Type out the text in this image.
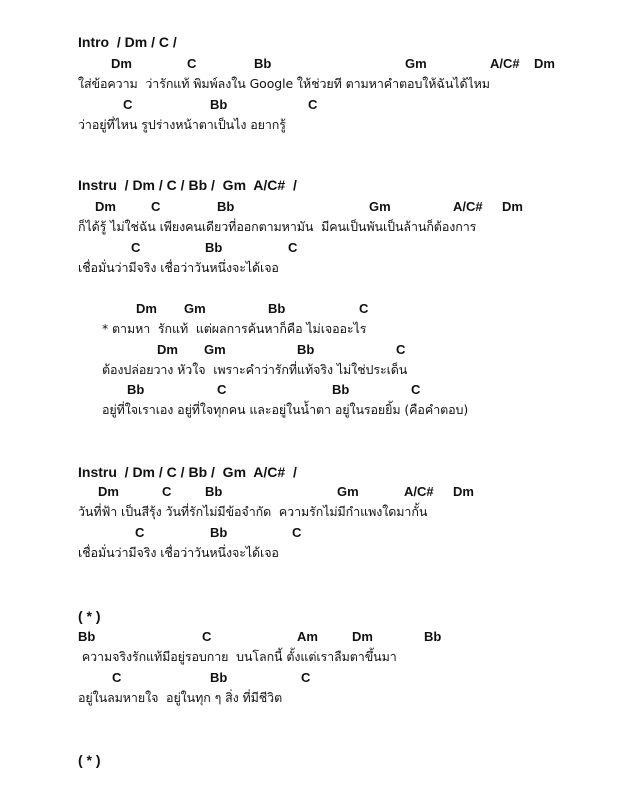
Intro  / Dm / C /

Dm

	C

	Bb

	Gm

	A/C#

Dm

ใส่ข้อความ  ว่ารักแท้ พิมพ์ลงใน Google ให้ช่วยที ตามหาคำตอบให้ฉันได้ไหม

C

	Bb

	C

ว่าอยู่ที่ไหน รูปร่างหน้าตาเป็นไง อยากรู้

Instru  / Dm / C / Bb /  Gm  A/C#  /

Dm

	C

	Bb

	Gm

	A/C#

Dm

ก็ได้รู้ ไม่ใช่ฉัน เพียงคนเดียวที่ออกตามหามัน  มีคนเป็นพันเป็นล้านก็ต้องการ

C

	Bb

	C

เชื่อมั่นว่ามีจริง เชื่อว่าวันหนึ่งจะได้เจอ

Dm

Gm

	Bb

	C

* ตามหา  รักแท้  แต่ผลการค้นหาก็คือ ไม่เจออะไร

Dm

Gm

	Bb

	C

ต้องปล่อยวาง หัวใจ  เพราะคำว่ารักที่แท้จริง ไม่ใช่ประเด็น

Bb

	C

	Bb

	C

อยู่ที่ใจเราเอง อยู่ที่ใจทุกคน และอยู่ในน้ำตา อยู่ในรอยยิ้ม (คือคำตอบ)

Instru  / Dm / C / Bb /  Gm  A/C#  /

Dm

	C

	Bb

	Gm

	A/C#

Dm

วันที่ฟ้า เป็นสีรุ้ง วันที่รักไม่มีข้อจำกัด  ความรักไม่มีกำแพงใดมากั้น

C

	Bb

	C

เชื่อมั่นว่ามีจริง เชื่อว่าวันหนึ่งจะได้เจอ

( * )

Bb

	C

	Am

	Dm

	Bb

ความจริงรักแท้มีอยู่รอบกาย  บนโลกนี้ ตั้งแต่เราลืมตาขึ้นมา

C

	Bb

	C

อยู่ในลมหายใจ  อยู่ในทุก ๆ สิ่ง ที่มีชีวิต

( * )
